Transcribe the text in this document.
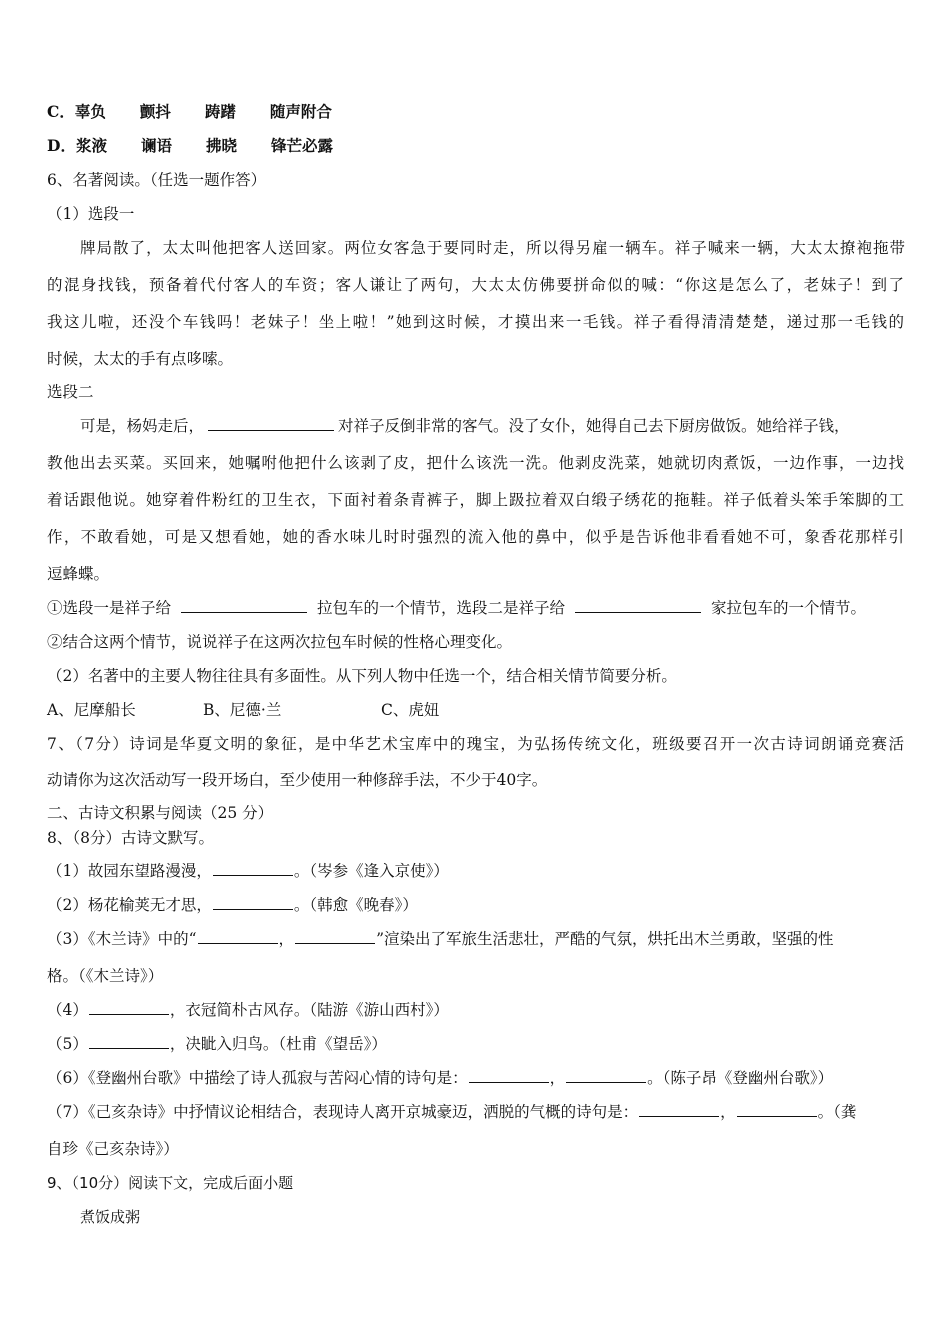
C．辜负 颤抖 踌躇 随声附合
D．浆液 谰语 拂晓 锋芒必露
6、名著阅读。（任选一题作答）
（1）选段一
牌局散了，太太叫他把客人送回家。两位女客急于要同时走，所以得另雇一辆车。祥子喊来一辆，大太太撩袍拖带
的混身找钱，预备着代付客人的车资；客人谦让了两句，大太太仿佛要拼命似的喊：“你这是怎么了，老妹子！到了
我这儿啦，还没个车钱吗！老妹子！坐上啦！”她到这时候，才摸出来一毛钱。祥子看得清清楚楚，递过那一毛钱的
时候，太太的手有点哆嗦。
选段二
可是，杨妈走后，	对祥子反倒非常的客气。没了女仆，她得自己去下厨房做饭。她给祥子钱，
教他出去买菜。买回来，她嘱咐他把什么该剥了皮，把什么该洗一洗。他剥皮洗菜，她就切肉煮饭，一边作事，一边找
着话跟他说。她穿着件粉红的卫生衣，下面衬着条青裤子，脚上趿拉着双白缎子绣花的拖鞋。祥子低着头笨手笨脚的工
作，不敢看她，可是又想看她，她的香水味儿时时强烈的流入他的鼻中，似乎是告诉他非看看她不可，象香花那样引
逗蜂蝶。
①选段一是祥子给	拉包车的一个情节，选段二是祥子给	家拉包车的一个情节。
②结合这两个情节，说说祥子在这两次拉包车时候的性格心理变化。
（2）名著中的主要人物往往具有多面性。从下列人物中任选一个，结合相关情节简要分析。
A、尼摩船长	B、尼德·兰	C、虎妞
7、（7分）诗词是华夏文明的象征，是中华艺术宝库中的瑰宝，为弘扬传统文化，班级要召开一次古诗词朗诵竞赛活
动请你为这次活动写一段开场白，至少使用一种修辞手法，不少于40字。
二、古诗文积累与阅读（25 分）
8、（8分）古诗文默写。
（1）故园东望路漫漫，	。（岑参《逢入京使》）
（2）杨花榆荚无才思，	。（韩愈《晚春》）
（3）《木兰诗》中的“	，	”渲染出了军旅生活悲壮，严酷的气氛，烘托出木兰勇敢，坚强的性
格。（《木兰诗》）
（4）	，衣冠简朴古风存。（陆游《游山西村》）
（5）	，决眦入归鸟。（杜甫《望岳》）
（6）《登幽州台歌》中描绘了诗人孤寂与苦闷心情的诗句是：	，	。（陈子昂《登幽州台歌》）
（7）《己亥杂诗》中抒情议论相结合，表现诗人离开京城豪迈，洒脱的气概的诗句是：	，	。（龚
自珍《己亥杂诗》）
9、（10分）阅读下文，完成后面小题
煮饭成粥
